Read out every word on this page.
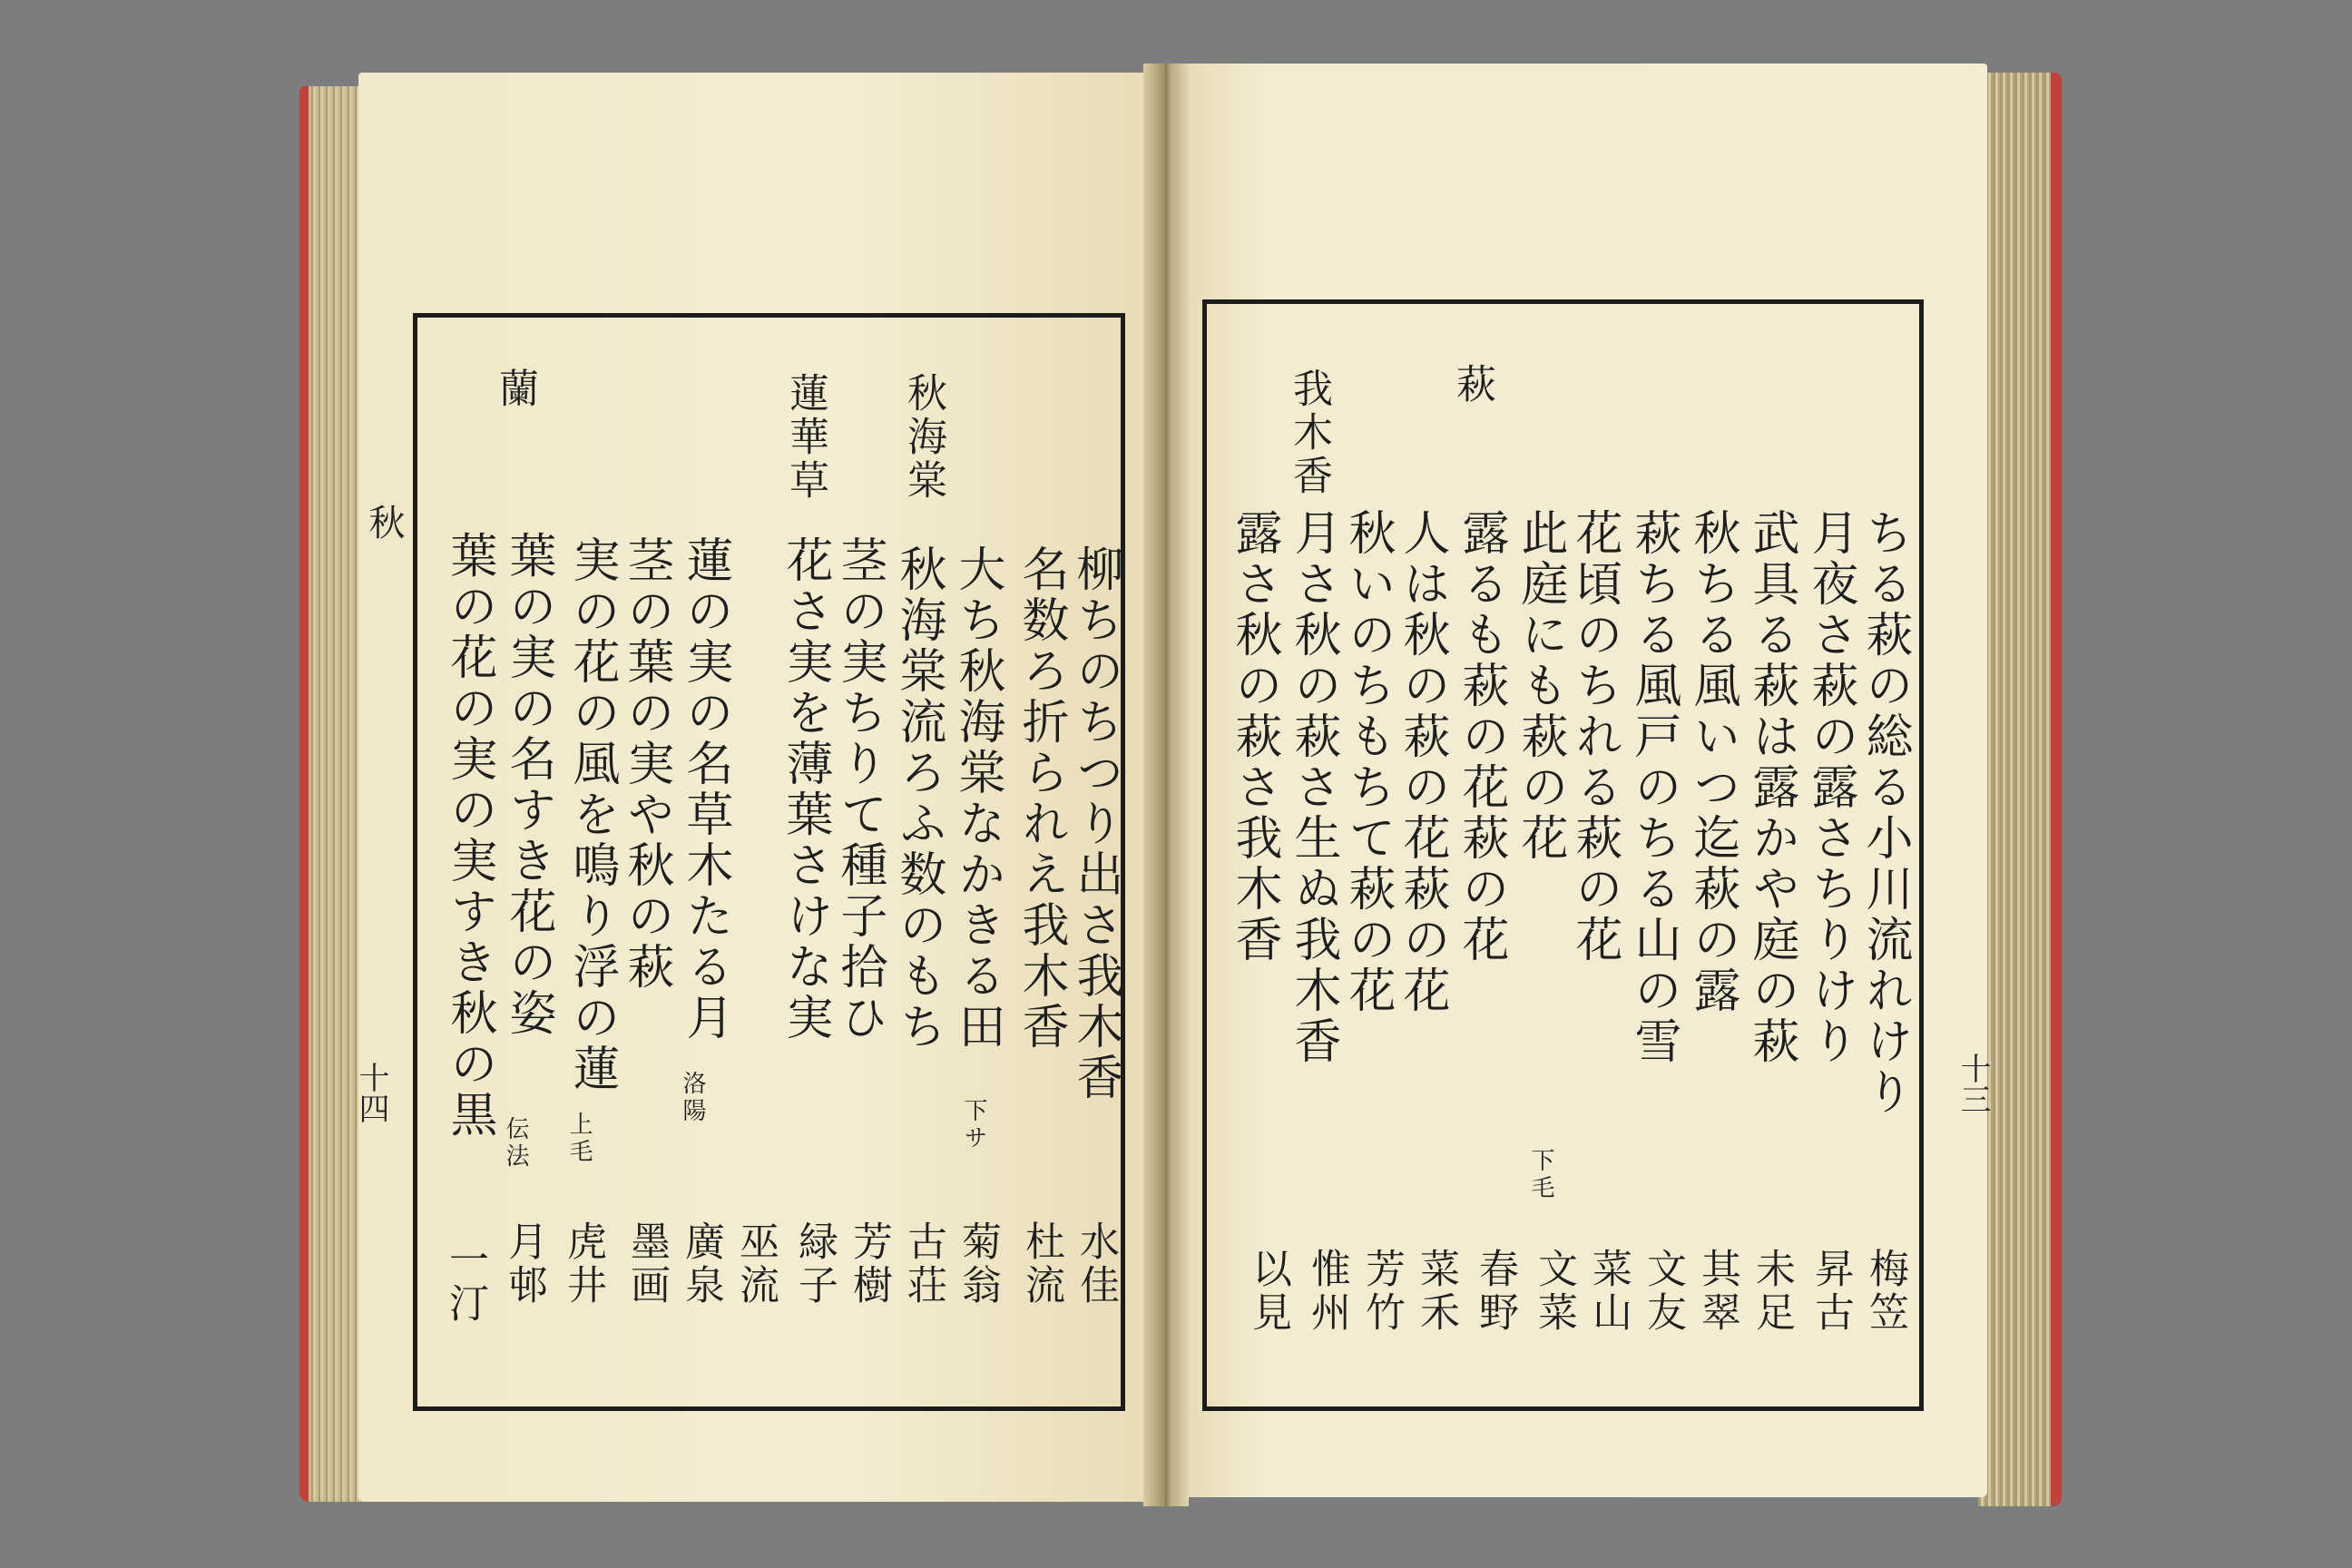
秋
十四	十三
秋海棠
蓮華草
蘭
柳ちのちつり出さ我木香
名数ろ折られえ我木香
大ち秋海棠なかきる田
秋海棠流ろふ数のもち
茎の実ちりて種子拾ひ
花さ実を薄葉さけな実
蓮の実の名草木たる月
茎の葉の実や秋の萩
実の花の風を鳴り浮の蓮
葉の実の名すき花の姿
葉の花の実の実すき秋の黒	下サ
洛陽
上毛
伝法
水佳
杜流
菊翁
古荘
芳樹
緑子
巫流
廣泉
墨画
虎井
月邨
一汀
萩
我木香
ちる萩の総る小川流れけり
月夜さ萩の露さちりけり
武具る萩は露かや庭の萩
秋ちる風いつ迄萩の露
萩ちる風戸のちる山の雪
花頃のちれる萩の花
此庭にも萩の花
露るも萩の花萩の花
人は秋の萩の花萩の花
秋いのちもちて萩の花
月さ秋の萩さ生ぬ我木香
露さ秋の萩さ我木香
下毛
梅笠
昇古
未足
其翠
文友
菜山
文菜
春野
菜禾
芳竹
惟州
以見
